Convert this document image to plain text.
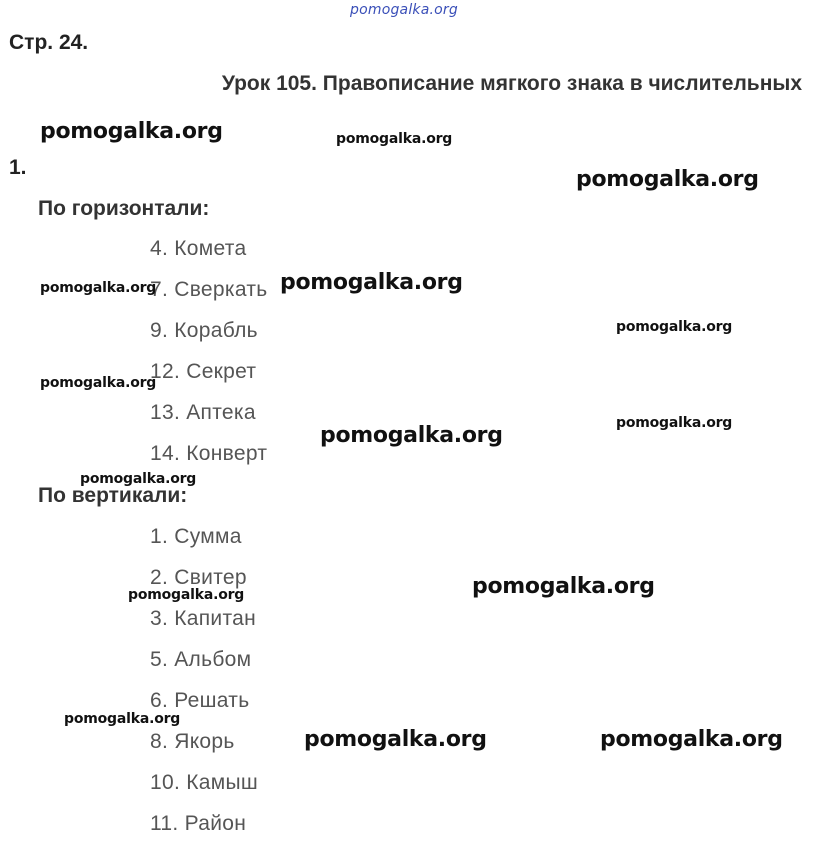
pomogalka.org
Стр. 24.
Урок 105. Правописание мягкого знака в числительных
1.
По горизонтали:
4. Комета
7. Сверкать
9. Корабль
12. Секрет
13. Аптека
14. Конверт
По вертикали:
1. Сумма
2. Свитер
3. Капитан
5. Альбом
6. Решать
8. Якорь
10. Камыш
11. Район
pomogalka.org	pomogalka.org
pomogalka.org
pomogalka.org	pomogalka.org
pomogalka.org
pomogalka.org
pomogalka.org
pomogalka.org
pomogalka.org
pomogalka.org
pomogalka.org
pomogalka.org
pomogalka.org	pomogalka.org
